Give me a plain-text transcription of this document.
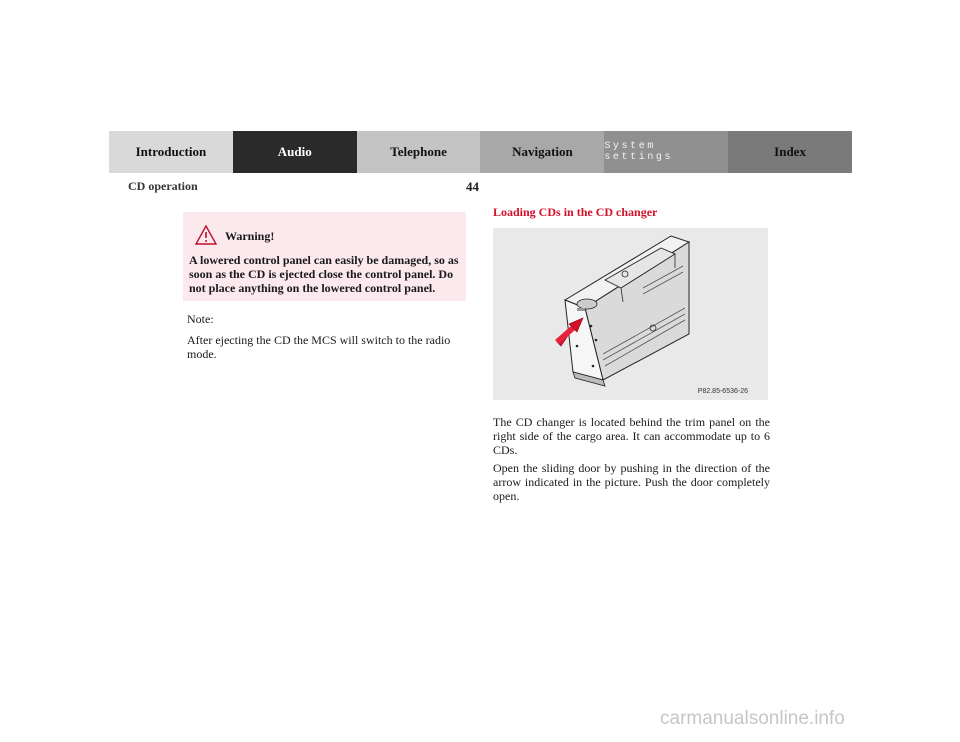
Introduction	Audio	Telephone	Navigation	System settings	Index
CD operation	44
Warning!
A lowered control panel can easily be damaged, so as soon as the CD is ejected close the control panel. Do not place anything on the lowered control panel.
Note:
After ejecting the CD the MCS will switch to the radio mode.
Loading CDs in the CD changer
P82.85-6536-26
The CD changer is located behind the trim panel on the right side of the cargo area. It can accommodate up to 6 CDs.
Open the sliding door by pushing in the direction of the arrow indicated in the picture. Push the door completely open.
carmanualsonline.info
